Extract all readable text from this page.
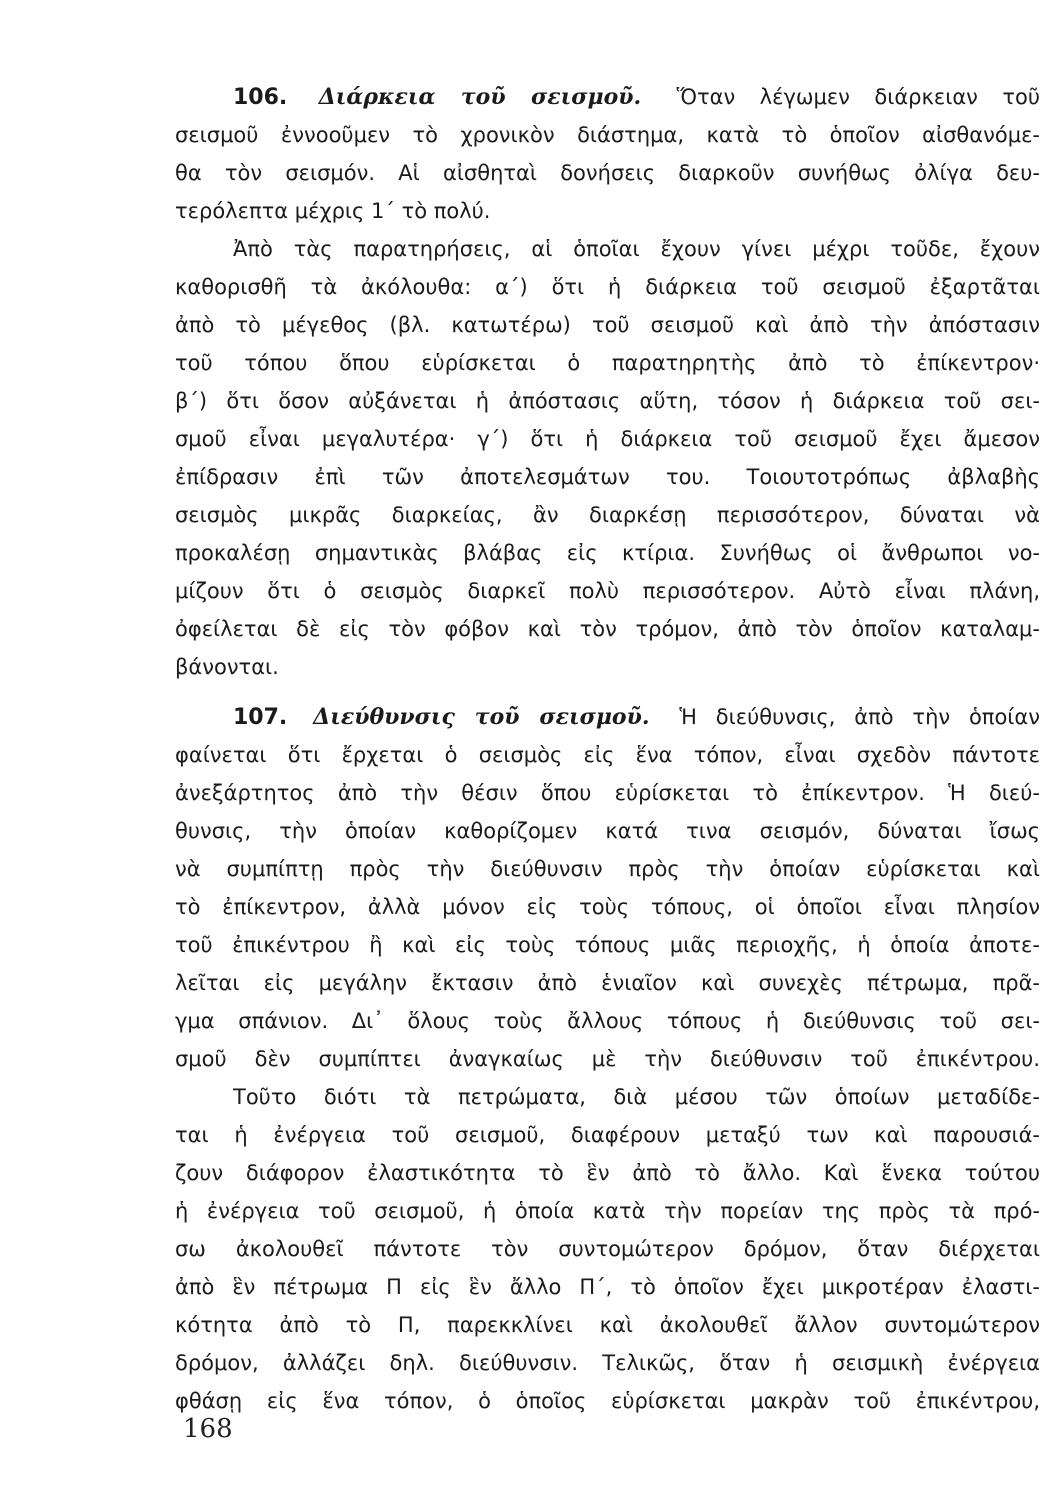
106. Διάρκεια τοῦ σεισμοῦ. Ὅταν λέγωμεν διάρκειαν τοῦ
σεισμοῦ ἐννοοῦμεν τὸ χρονικὸν διάστημα, κατὰ τὸ ὁποῖον αἰσθανόμε-
θα τὸν σεισμόν. Αἱ αἰσθηταὶ δονήσεις διαρκοῦν συνήθως ὀλίγα δευ-
τερόλεπτα μέχρις 1΄ τὸ πολύ.
Ἀπὸ τὰς παρατηρήσεις, αἱ ὁποῖαι ἔχουν γίνει μέχρι τοῦδε, ἔχουν
καθορισθῆ τὰ ἀκόλουθα: α΄) ὅτι ἡ διάρκεια τοῦ σεισμοῦ ἐξαρτᾶται
ἀπὸ τὸ μέγεθος (βλ. κατωτέρω) τοῦ σεισμοῦ καὶ ἀπὸ τὴν ἀπόστασιν
τοῦ τόπου ὅπου εὑρίσκεται ὁ παρατηρητὴς ἀπὸ τὸ ἐπίκεντρον·
β΄) ὅτι ὅσον αὐξάνεται ἡ ἀπόστασις αὕτη, τόσον ἡ διάρκεια τοῦ σει-
σμοῦ εἶναι μεγαλυτέρα· γ΄) ὅτι ἡ διάρκεια τοῦ σεισμοῦ ἔχει ἄμεσον
ἐπίδρασιν ἐπὶ τῶν ἀποτελεσμάτων του. Τοιουτοτρόπως ἀβλαβὴς
σεισμὸς μικρᾶς διαρκείας, ἂν διαρκέσῃ περισσότερον, δύναται νὰ
προκαλέσῃ σημαντικὰς βλάβας εἰς κτίρια. Συνήθως οἱ ἄνθρωποι νο-
μίζουν ὅτι ὁ σεισμὸς διαρκεῖ πολὺ περισσότερον. Αὐτὸ εἶναι πλάνη,
ὀφείλεται δὲ εἰς τὸν φόβον καὶ τὸν τρόμον, ἀπὸ τὸν ὁποῖον καταλαμ-
βάνονται.
107. Διεύθυνσις τοῦ σεισμοῦ. Ἡ διεύθυνσις, ἀπὸ τὴν ὁποίαν
φαίνεται ὅτι ἔρχεται ὁ σεισμὸς εἰς ἕνα τόπον, εἶναι σχεδὸν πάντοτε
ἀνεξάρτητος ἀπὸ τὴν θέσιν ὅπου εὑρίσκεται τὸ ἐπίκεντρον. Ἡ διεύ-
θυνσις, τὴν ὁποίαν καθορίζομεν κατά τινα σεισμόν, δύναται ἴσως
νὰ συμπίπτῃ πρὸς τὴν διεύθυνσιν πρὸς τὴν ὁποίαν εὑρίσκεται καὶ
τὸ ἐπίκεντρον, ἀλλὰ μόνον εἰς τοὺς τόπους, οἱ ὁποῖοι εἶναι πλησίον
τοῦ ἐπικέντρου ἢ καὶ εἰς τοὺς τόπους μιᾶς περιοχῆς, ἡ ὁποία ἀποτε-
λεῖται εἰς μεγάλην ἔκτασιν ἀπὸ ἑνιαῖον καὶ συνεχὲς πέτρωμα, πρᾶ-
γμα σπάνιον. Δι᾽ ὅλους τοὺς ἄλλους τόπους ἡ διεύθυνσις τοῦ σει-
σμοῦ δὲν συμπίπτει ἀναγκαίως μὲ τὴν διεύθυνσιν τοῦ ἐπικέντρου.
Τοῦτο διότι τὰ πετρώματα, διὰ μέσου τῶν ὁποίων μεταδίδε-
ται ἡ ἐνέργεια τοῦ σεισμοῦ, διαφέρουν μεταξύ των καὶ παρουσιά-
ζουν διάφορον ἐλαστικότητα τὸ ἓν ἀπὸ τὸ ἄλλο. Καὶ ἕνεκα τούτου
ἡ ἐνέργεια τοῦ σεισμοῦ, ἡ ὁποία κατὰ τὴν πορείαν της πρὸς τὰ πρό-
σω ἀκολουθεῖ πάντοτε τὸν συντομώτερον δρόμον, ὅταν διέρχεται
ἀπὸ ἓν πέτρωμα Π εἰς ἓν ἄλλο Π΄, τὸ ὁποῖον ἔχει μικροτέραν ἐλαστι-
κότητα ἀπὸ τὸ Π, παρεκκλίνει καὶ ἀκολουθεῖ ἄλλον συντομώτερον
δρόμον, ἀλλάζει δηλ. διεύθυνσιν. Τελικῶς, ὅταν ἡ σεισμικὴ ἐνέργεια
φθάσῃ εἰς ἕνα τόπον, ὁ ὁποῖος εὑρίσκεται μακρὰν τοῦ ἐπικέντρου,
168
